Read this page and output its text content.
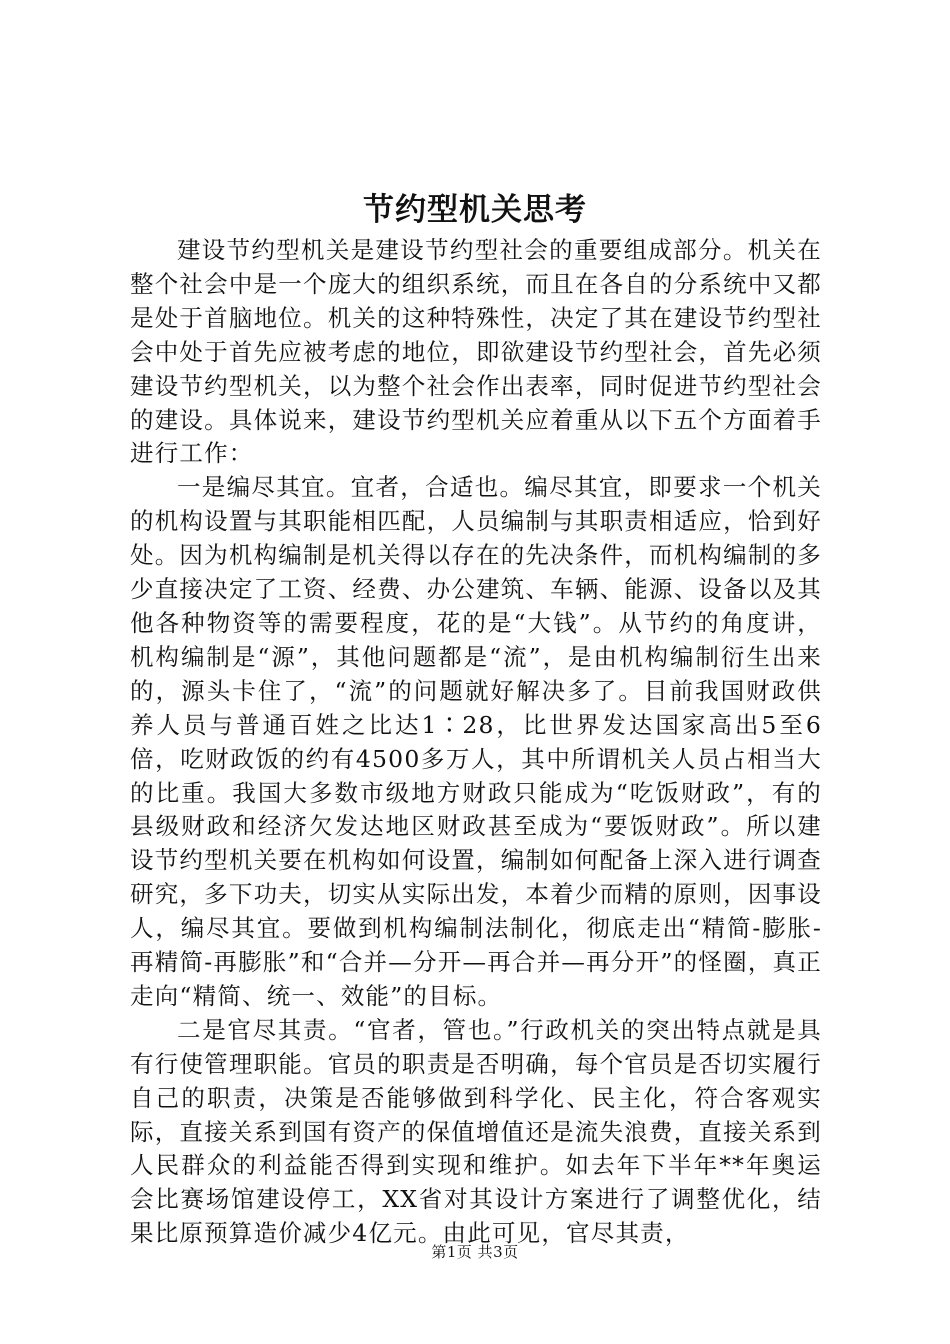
节约型机关思考

建设节约型机关是建设节约型社会的重要组成部分。机关在整个社会中是一个庞大的组织系统，而且在各自的分系统中又都是处于首脑地位。机关的这种特殊性，决定了其在建设节约型社会中处于首先应被考虑的地位，即欲建设节约型社会，首先必须建设节约型机关，以为整个社会作出表率，同时促进节约型社会的建设。具体说来，建设节约型机关应着重从以下五个方面着手进行工作：

一是编尽其宜。宜者，合适也。编尽其宜，即要求一个机关的机构设置与其职能相匹配，人员编制与其职责相适应，恰到好处。因为机构编制是机关得以存在的先决条件，而机构编制的多少直接决定了工资、经费、办公建筑、车辆、能源、设备以及其他各种物资等的需要程度，花的是“大钱”。从节约的角度讲，机构编制是“源”，其他问题都是“流”，是由机构编制衍生出来的，源头卡住了，“流”的问题就好解决多了。目前我国财政供养人员与普通百姓之比达1∶28，比世界发达国家高出5至6倍，吃财政饭的约有4500多万人，其中所谓机关人员占相当大的比重。我国大多数市级地方财政只能成为“吃饭财政”，有的县级财政和经济欠发达地区财政甚至成为“要饭财政”。所以建设节约型机关要在机构如何设置，编制如何配备上深入进行调查研究，多下功夫，切实从实际出发，本着少而精的原则，因事设人，编尽其宜。要做到机构编制法制化，彻底走出“精简-膨胀-再精简-再膨胀”和“合并—分开—再合并—再分开”的怪圈，真正走向“精简、统一、效能”的目标。

二是官尽其责。“官者，管也。”行政机关的突出特点就是具有行使管理职能。官员的职责是否明确，每个官员是否切实履行自己的职责，决策是否能够做到科学化、民主化，符合客观实际，直接关系到国有资产的保值增值还是流失浪费，直接关系到人民群众的利益能否得到实现和维护。如去年下半年**年奥运会比赛场馆建设停工，XX省对其设计方案进行了调整优化，结果比原预算造价减少4亿元。由此可见，官尽其责，

第1页 共3页
